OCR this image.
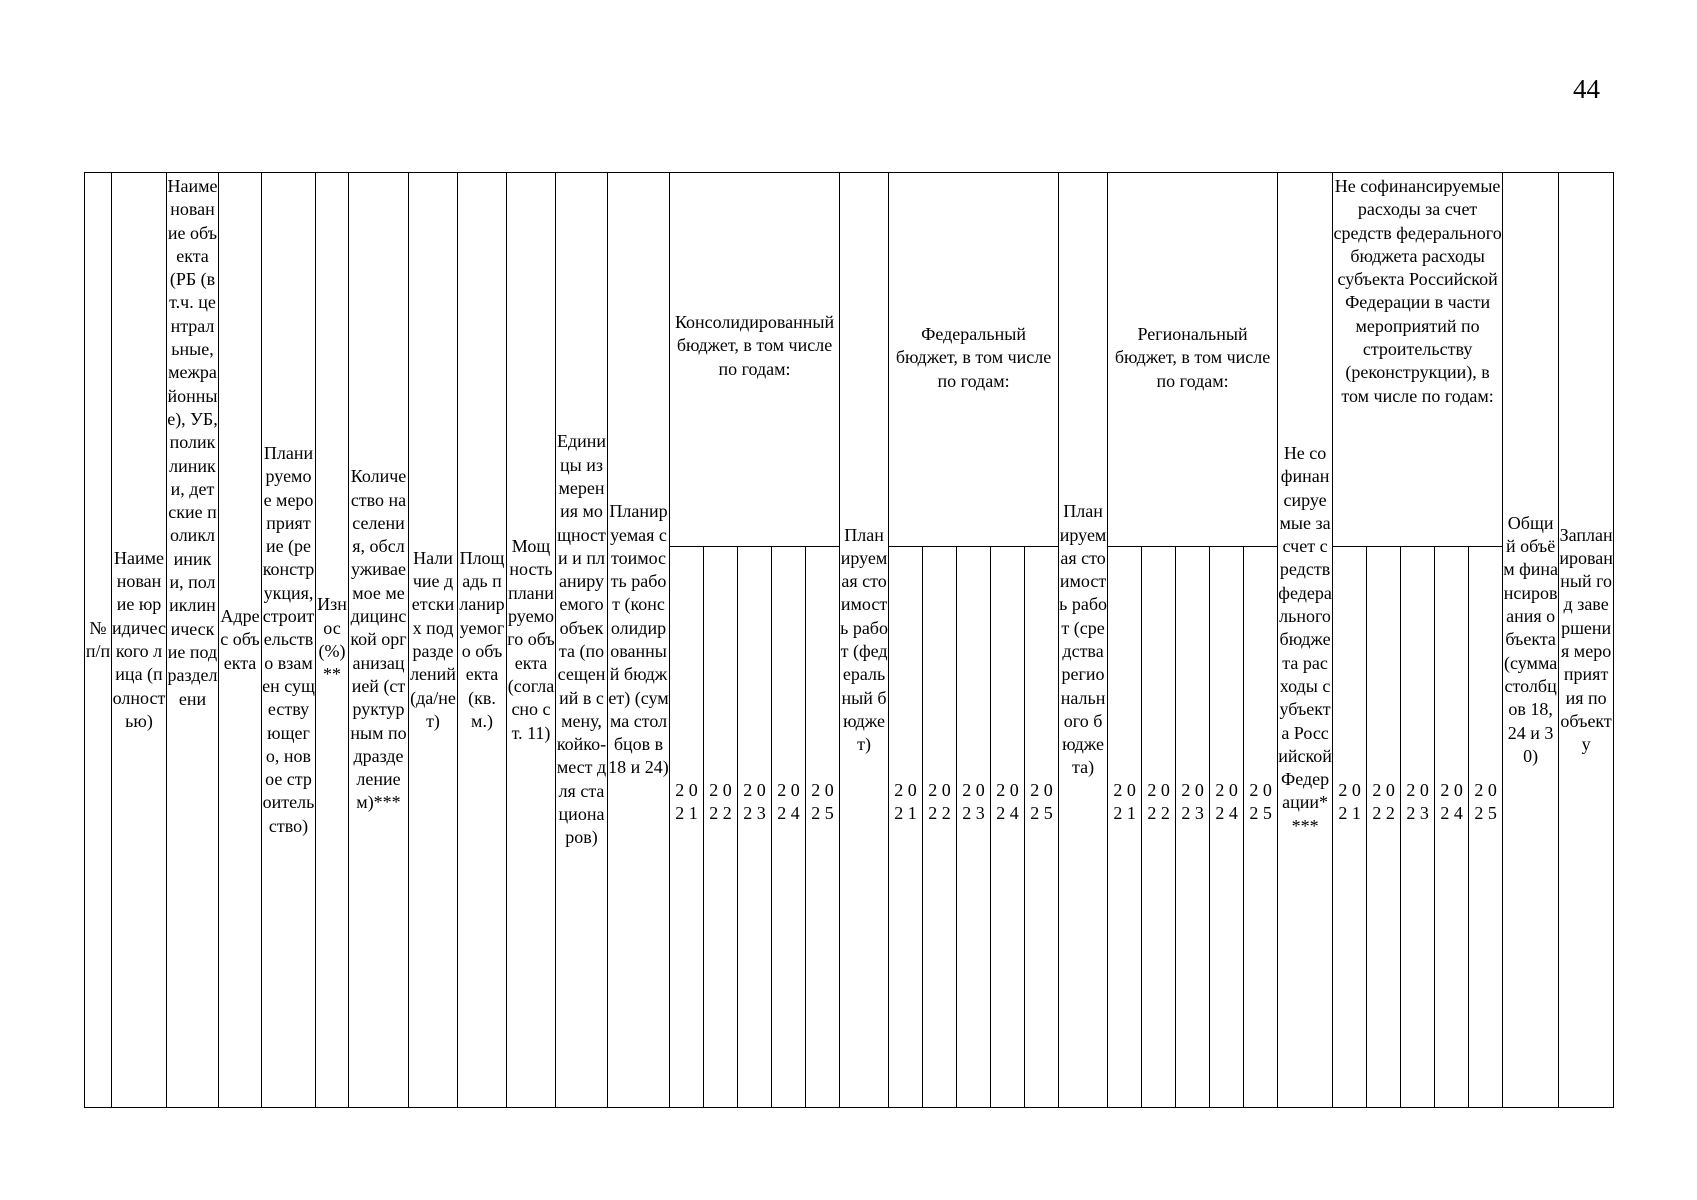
44
№ п/п	Наименование юридического лица (полностью)	Наименование объекта (РБ (в т.ч. центральные, межрайонные), УБ, поликлиники, детские поликлиники, поликлинические подразделени	Адрес объекта	Планируемое мероприятие (реконструкция, строительство взамен существующего, новое строительство)	Износ (%)**	Количество населения, обслуживаемое медицинской организацией (структурным подразделением)***	Наличие детских подразделений (да/нет)	Площадь планируемого объекта (кв. м.)	Мощность планируемого объекта (согласно ст. 11)	Единицы измерения мощности и планируемого объекта (посещений в смену, койко-мест для стационаров)	Планируемая стоимость работ (консолидированный бюджет) (сумма столбцов в 18 и 24)	Консолидированный бюджет, в том числе по годам:					Планируемая стоимость работ (федеральный бюджет)	Федеральный бюджет, в том числе по годам:					Планируемая стоимость работ (средства регионального бюджета)	Региональный бюджет, в том числе по годам:					Не софинансируемые за счет средств федерального бюджета расходы субъекта Российской Федерации****	Не софинансируемые расходы за счет средств федерального бюджета расходы субъекта Российской Федерации в части мероприятий по строительству (реконструкции), в том числе по годам:					Общий объём финансирования объекта (сумма столбцов 18, 24 и 30)	Запланированный год завершения мероприятия по объекту
												2 0 2 1	2 0 2 2	2 0 2 3	2 0 2 4	2 0 2 5		2 0 2 1	2 0 2 2	2 0 2 3	2 0 2 4	2 0 2 5		2 0 2 1	2 0 2 2	2 0 2 3	2 0 2 4	2 0 2 5		2 0 2 1	2 0 2 2	2 0 2 3	2 0 2 4	2 0 2 5		
